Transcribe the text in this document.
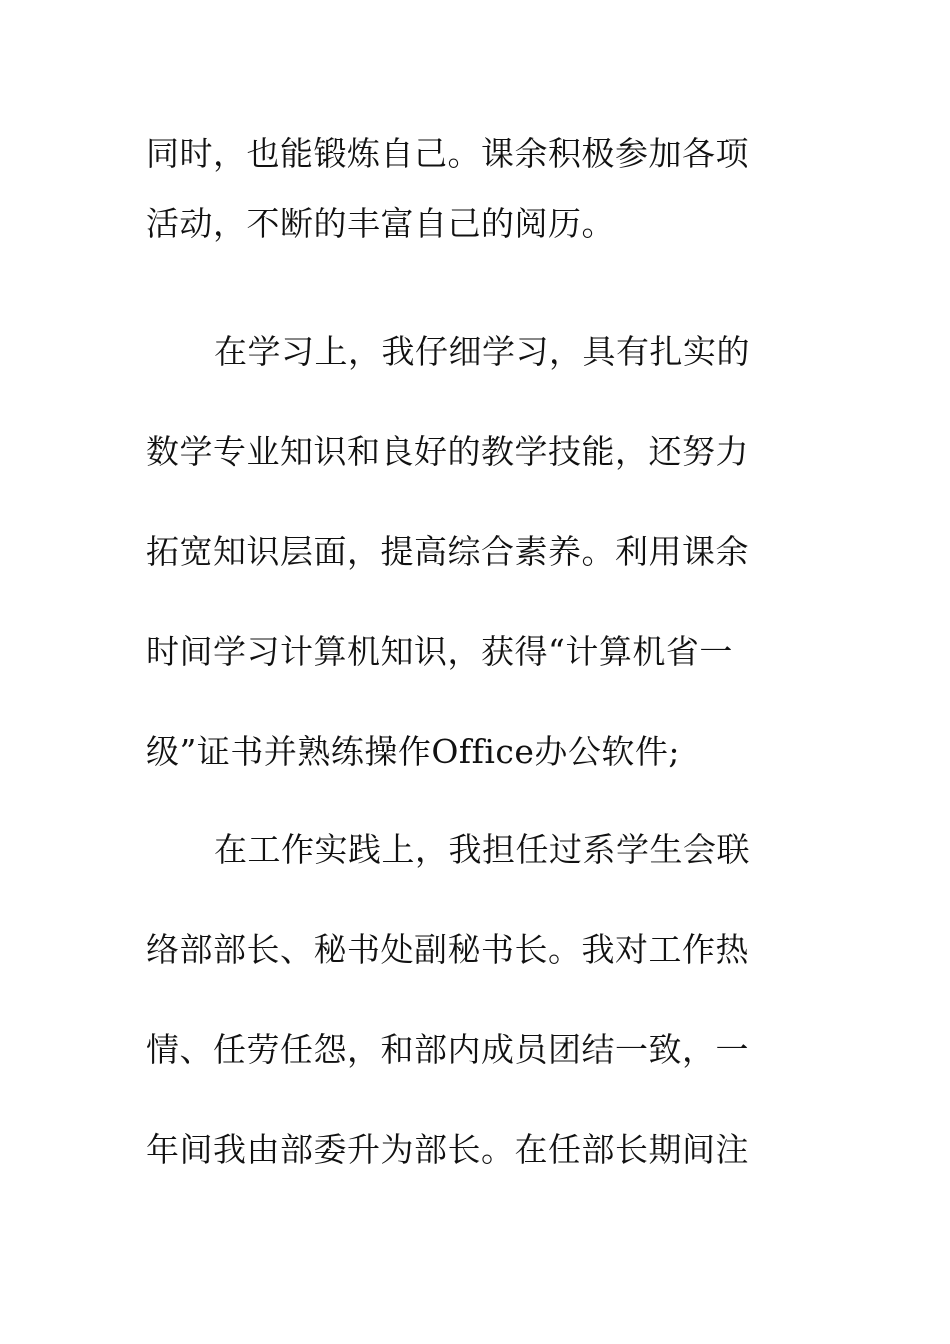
同时，也能锻炼自己。课余积极参加各项
活动，不断的丰富自己的阅历。
在学习上，我仔细学习，具有扎实的
数学专业知识和良好的教学技能，还努力
拓宽知识层面，提高综合素养。利用课余
时间学习计算机知识，获得“计算机省一
级”证书并熟练操作Office办公软件;
在工作实践上，我担任过系学生会联
络部部长、秘书处副秘书长。我对工作热
情、任劳任怨，和部内成员团结一致，一
年间我由部委升为部长。在任部长期间注
